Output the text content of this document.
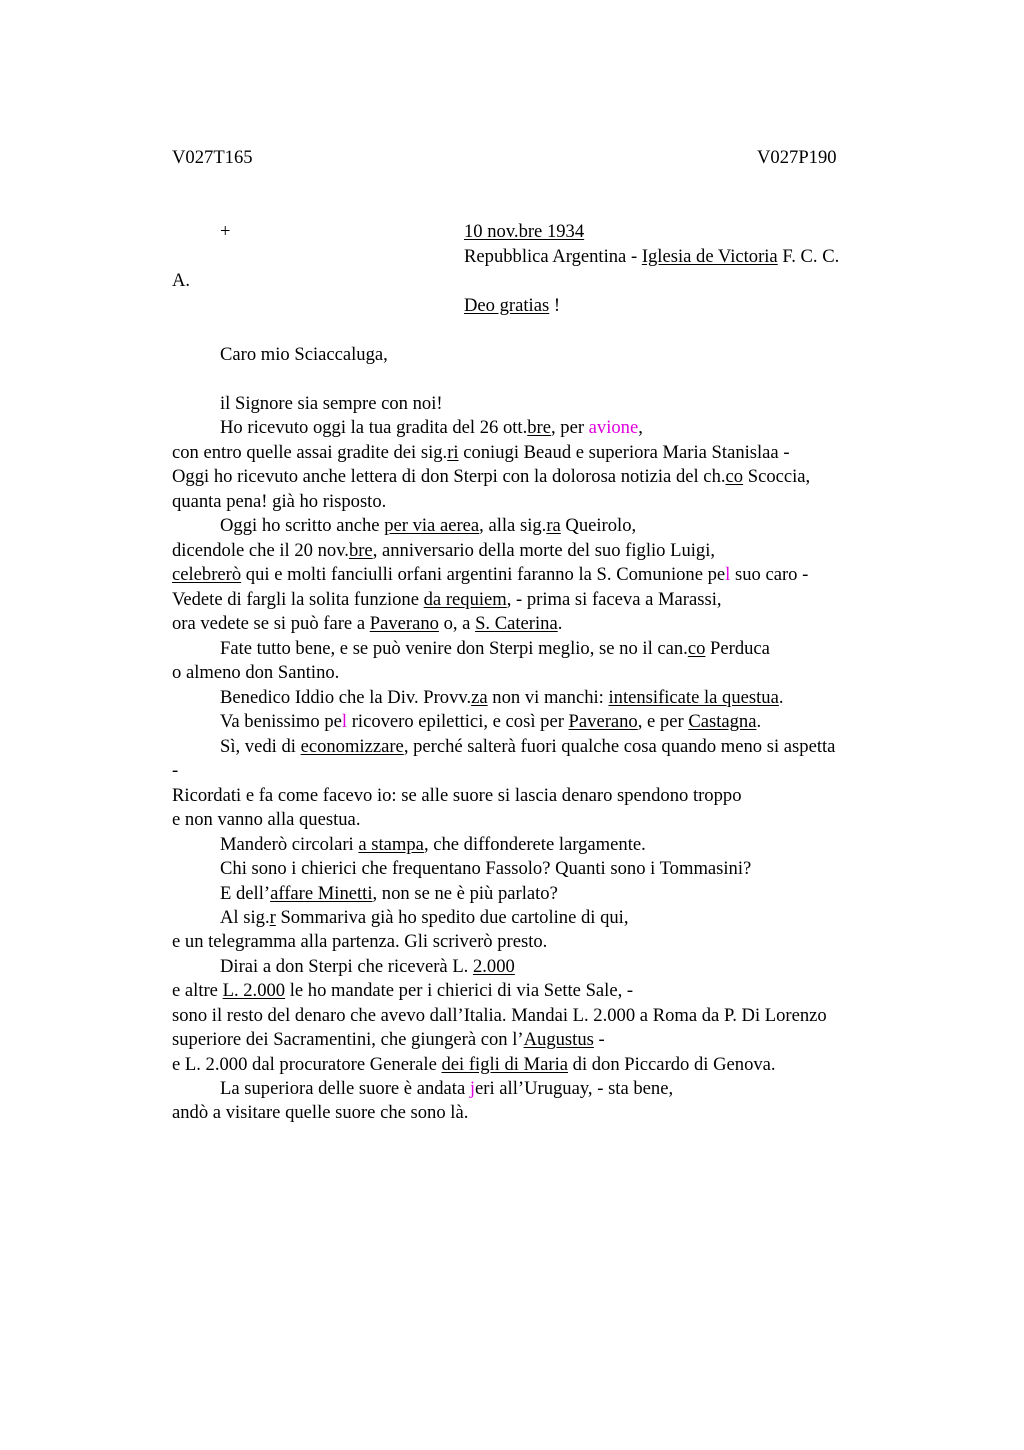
V027T165	V027P190
+	10 nov.bre 1934
Repubblica Argentina - Iglesia de Victoria F. C. C.
A.
Deo gratias !
Caro mio Sciaccaluga,
il Signore sia sempre con noi!
Ho ricevuto oggi la tua gradita del 26 ott.bre, per avione,
con entro quelle assai gradite dei sig.ri coniugi Beaud e superiora Maria Stanislaa -
Oggi ho ricevuto anche lettera di don Sterpi con la dolorosa notizia del ch.co Scoccia,
quanta pena! già ho risposto.
Oggi ho scritto anche per via aerea, alla sig.ra Queirolo,
dicendole che il 20 nov.bre, anniversario della morte del suo figlio Luigi,
celebrerò qui e molti fanciulli orfani argentini faranno la S. Comunione pel suo caro -
Vedete di fargli la solita funzione da requiem, - prima si faceva a Marassi,
ora vedete se si può fare a Paverano o, a S. Caterina.
Fate tutto bene, e se può venire don Sterpi meglio, se no il can.co Perduca
o almeno don Santino.
Benedico Iddio che la Div. Provv.za non vi manchi: intensificate la questua.
Va benissimo pel ricovero epilettici, e così per Paverano, e per Castagna.
Sì, vedi di economizzare, perché salterà fuori qualche cosa quando meno si aspetta
-
Ricordati e fa come facevo io: se alle suore si lascia denaro spendono troppo
e non vanno alla questua.
Manderò circolari a stampa, che diffonderete largamente.
Chi sono i chierici che frequentano Fassolo? Quanti sono i Tommasini?
E dell’affare Minetti, non se ne è più parlato?
Al sig.r Sommariva già ho spedito due cartoline di qui,
e un telegramma alla partenza. Gli scriverò presto.
Dirai a don Sterpi che riceverà L. 2.000
e altre L. 2.000 le ho mandate per i chierici di via Sette Sale, -
sono il resto del denaro che avevo dall’Italia. Mandai L. 2.000 a Roma da P. Di Lorenzo
superiore dei Sacramentini, che giungerà con l’Augustus -
e L. 2.000 dal procuratore Generale dei figli di Maria di don Piccardo di Genova.
La superiora delle suore è andata jeri all’Uruguay, - sta bene,
andò a visitare quelle suore che sono là.
